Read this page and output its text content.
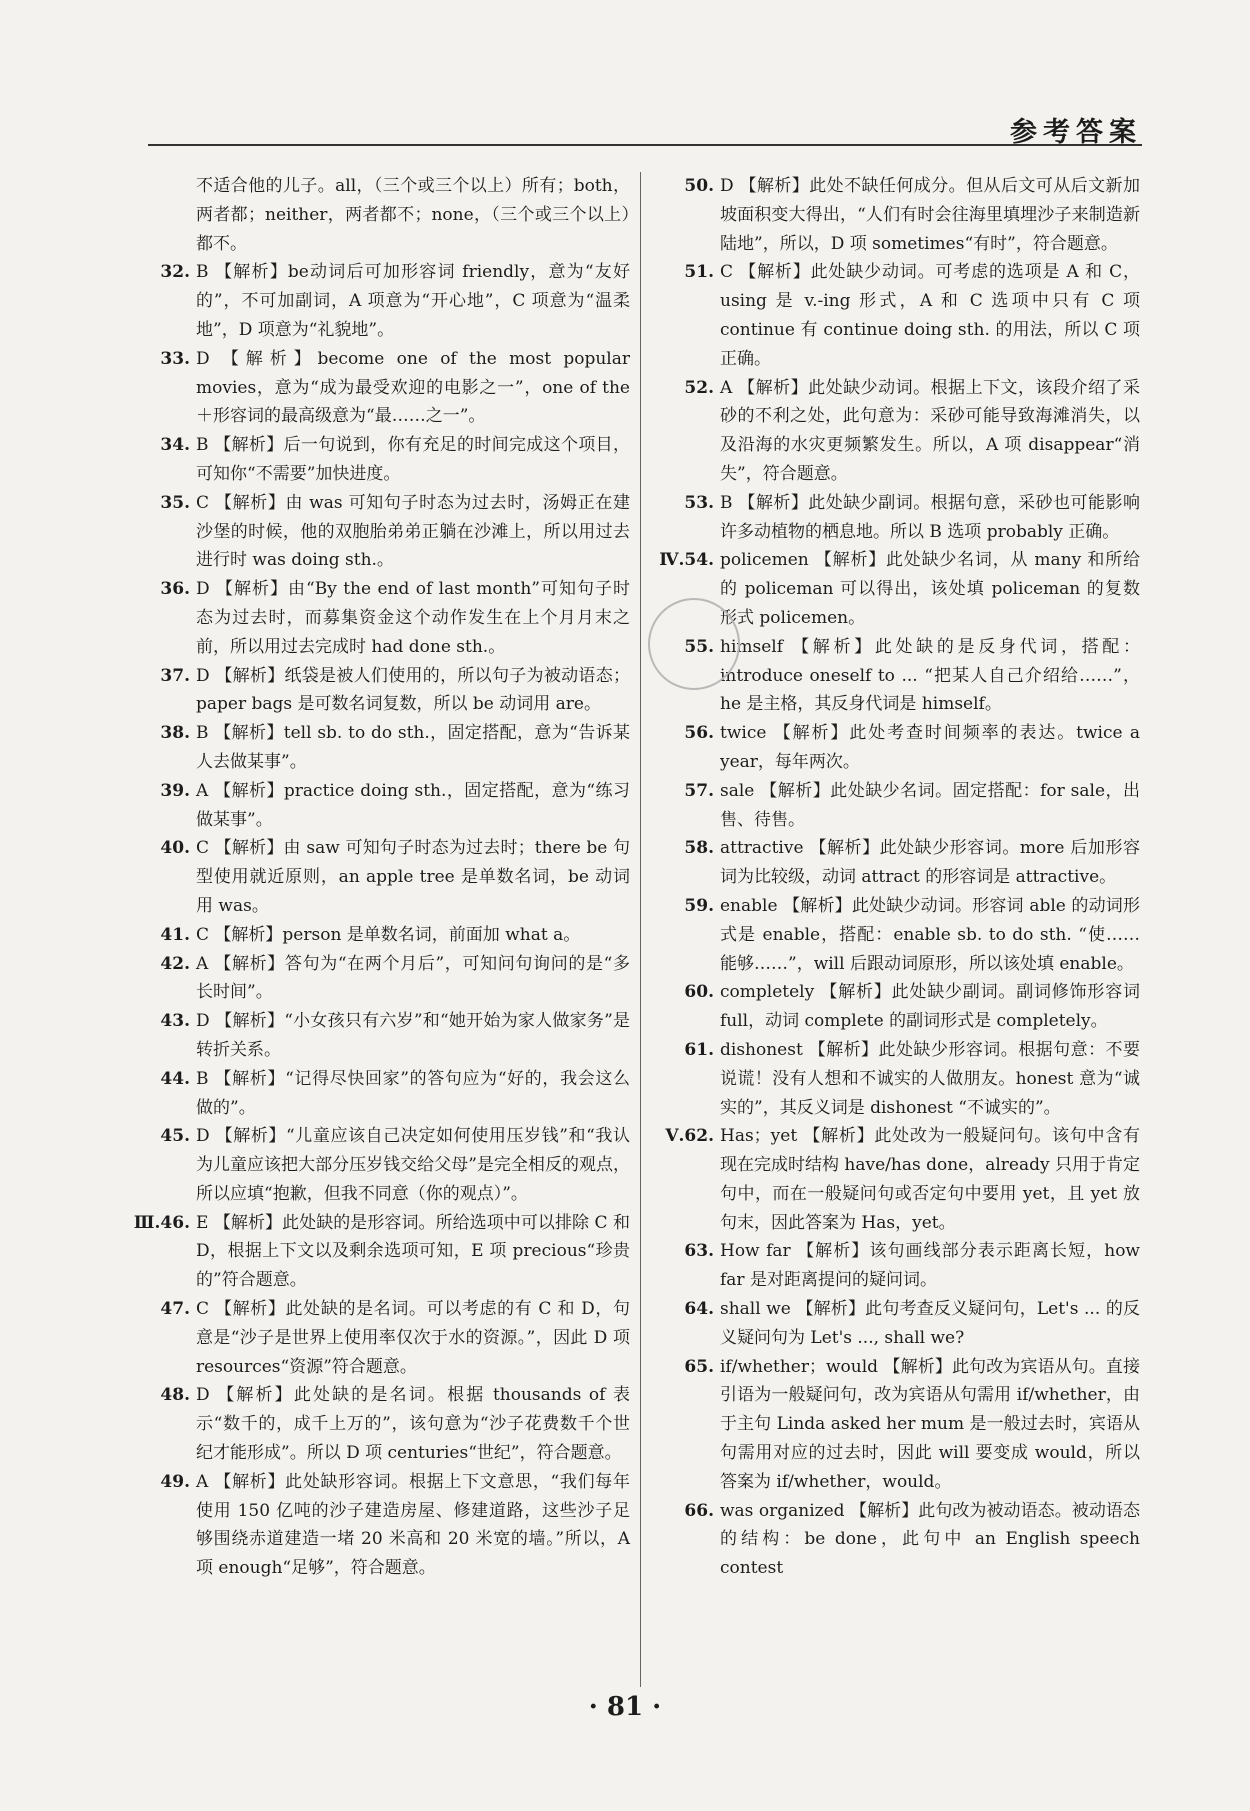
参考答案

不适合他的儿子。all，（三个或三个以上）所有；both，两者都；neither，两者都不；none，（三个或三个以上）都不。

32. B 【解析】be动词后可加形容词 friendly，意为“友好的”，不可加副词，A 项意为“开心地”，C 项意为“温柔地”，D 项意为“礼貌地”。

33. D 【解析】become one of the most popular movies，意为“成为最受欢迎的电影之一”，one of the＋形容词的最高级意为“最……之一”。

34. B 【解析】后一句说到，你有充足的时间完成这个项目，可知你“不需要”加快进度。

35. C 【解析】由 was 可知句子时态为过去时，汤姆正在建沙堡的时候，他的双胞胎弟弟正躺在沙滩上，所以用过去进行时 was doing sth.。

36. D 【解析】由“By the end of last month”可知句子时态为过去时，而募集资金这个动作发生在上个月月末之前，所以用过去完成时 had done sth.。

37. D 【解析】纸袋是被人们使用的，所以句子为被动语态；paper bags 是可数名词复数，所以 be 动词用 are。

38. B 【解析】tell sb. to do sth.，固定搭配，意为“告诉某人去做某事”。

39. A 【解析】practice doing sth.，固定搭配，意为“练习做某事”。

40. C 【解析】由 saw 可知句子时态为过去时；there be 句型使用就近原则，an apple tree 是单数名词，be 动词用 was。

41. C 【解析】person 是单数名词，前面加 what a。

42. A 【解析】答句为“在两个月后”，可知问句询问的是“多长时间”。

43. D 【解析】“小女孩只有六岁”和“她开始为家人做家务”是转折关系。

44. B 【解析】“记得尽快回家”的答句应为“好的，我会这么做的”。

45. D 【解析】“儿童应该自己决定如何使用压岁钱”和“我认为儿童应该把大部分压岁钱交给父母”是完全相反的观点，所以应填“抱歉，但我不同意（你的观点）”。

Ⅲ.46. E 【解析】此处缺的是形容词。所给选项中可以排除 C 和 D，根据上下文以及剩余选项可知，E 项 precious“珍贵的”符合题意。

47. C 【解析】此处缺的是名词。可以考虑的有 C 和 D，句意是“沙子是世界上使用率仅次于水的资源。”，因此 D 项 resources“资源”符合题意。

48. D 【解析】此处缺的是名词。根据 thousands of 表示“数千的，成千上万的”，该句意为“沙子花费数千个世纪才能形成”。所以 D 项 centuries“世纪”，符合题意。

49. A 【解析】此处缺形容词。根据上下文意思，“我们每年使用 150 亿吨的沙子建造房屋、修建道路，这些沙子足够围绕赤道建造一堵 20 米高和 20 米宽的墙。”所以，A 项 enough“足够”，符合题意。

50. D 【解析】此处不缺任何成分。但从后文可从后文新加坡面积变大得出，“人们有时会往海里填埋沙子来制造新陆地”，所以，D 项 sometimes“有时”，符合题意。

51. C 【解析】此处缺少动词。可考虑的选项是 A 和 C，using 是 v.-ing 形式，A 和 C 选项中只有 C 项 continue 有 continue doing sth. 的用法，所以 C 项正确。

52. A 【解析】此处缺少动词。根据上下文，该段介绍了采砂的不利之处，此句意为：采砂可能导致海滩消失，以及沿海的水灾更频繁发生。所以，A 项 disappear“消失”，符合题意。

53. B 【解析】此处缺少副词。根据句意，采砂也可能影响许多动植物的栖息地。所以 B 选项 probably 正确。

Ⅳ.54. policemen 【解析】此处缺少名词，从 many 和所给的 policeman 可以得出，该处填 policeman 的复数形式 policemen。

55. himself 【解析】此处缺的是反身代词，搭配：introduce oneself to ... “把某人自己介绍给……”，he 是主格，其反身代词是 himself。

56. twice 【解析】此处考查时间频率的表达。twice a year，每年两次。

57. sale 【解析】此处缺少名词。固定搭配：for sale，出售、待售。

58. attractive 【解析】此处缺少形容词。more 后加形容词为比较级，动词 attract 的形容词是 attractive。

59. enable 【解析】此处缺少动词。形容词 able 的动词形式是 enable，搭配：enable sb. to do sth. “使……能够……”，will 后跟动词原形，所以该处填 enable。

60. completely 【解析】此处缺少副词。副词修饰形容词 full，动词 complete 的副词形式是 completely。

61. dishonest 【解析】此处缺少形容词。根据句意：不要说谎！没有人想和不诚实的人做朋友。honest 意为“诚实的”，其反义词是 dishonest “不诚实的”。

Ⅴ.62. Has；yet 【解析】此处改为一般疑问句。该句中含有现在完成时结构 have/has done，already 只用于肯定句中，而在一般疑问句或否定句中要用 yet，且 yet 放句末，因此答案为 Has，yet。

63. How far 【解析】该句画线部分表示距离长短，how far 是对距离提问的疑问词。

64. shall we 【解析】此句考查反义疑问句，Let's ... 的反义疑问句为 Let's ..., shall we?

65. if/whether；would 【解析】此句改为宾语从句。直接引语为一般疑问句，改为宾语从句需用 if/whether，由于主句 Linda asked her mum 是一般过去时，宾语从句需用对应的过去时，因此 will 要变成 would，所以答案为 if/whether，would。

66. was organized 【解析】此句改为被动语态。被动语态的结构：be done，此句中 an English speech contest

· 81 ·
